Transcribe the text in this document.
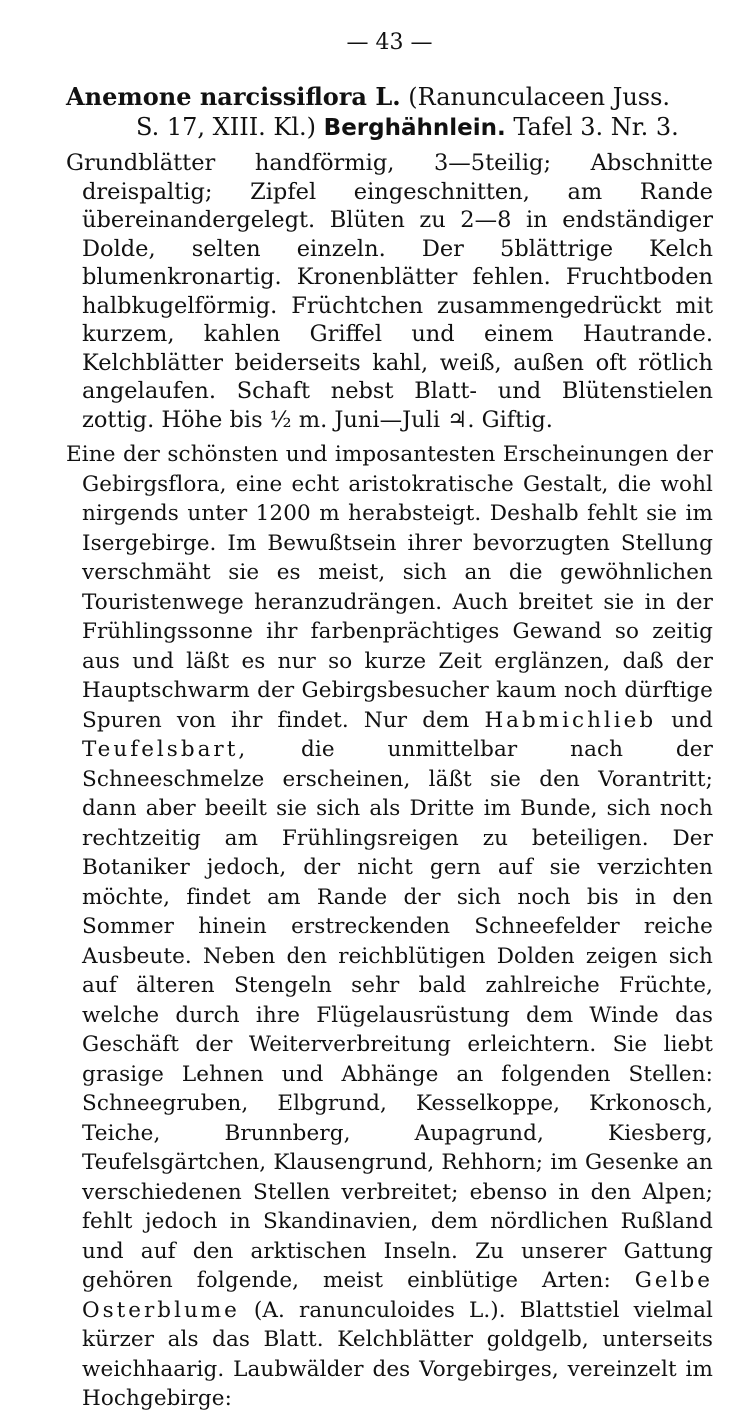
— 43 —
Anemone narcissiflora L. (Ranunculaceen Juss.
S. 17, XIII. Kl.) Berghähnlein. Tafel 3. Nr. 3.
Grundblätter handförmig, 3—5teilig; Abschnitte dreispaltig; Zipfel eingeschnitten, am Rande übereinandergelegt. Blüten zu 2—8 in endständiger Dolde, selten einzeln. Der 5blättrige Kelch blumenkronartig. Kronenblätter fehlen. Fruchtboden halbkugelförmig. Früchtchen zusammengedrückt mit kurzem, kahlen Griffel und einem Hautrande. Kelchblätter beiderseits kahl, weiß, außen oft rötlich angelaufen. Schaft nebst Blatt- und Blütenstielen zottig. Höhe bis ½ m. Juni—Juli ♃. Giftig.

Eine der schönsten und imposantesten Erscheinungen der Gebirgsflora, eine echt aristokratische Gestalt, die wohl nirgends unter 1200 m herabsteigt. Deshalb fehlt sie im Isergebirge. Im Bewußtsein ihrer bevorzugten Stellung verschmäht sie es meist, sich an die gewöhnlichen Touristenwege heranzudrängen. Auch breitet sie in der Frühlingssonne ihr farbenprächtiges Gewand so zeitig aus und läßt es nur so kurze Zeit erglänzen, daß der Hauptschwarm der Gebirgsbesucher kaum noch dürftige Spuren von ihr findet. Nur dem Habmichlieb und Teufelsbart, die unmittelbar nach der Schneeschmelze erscheinen, läßt sie den Vorantritt; dann aber beeilt sie sich als Dritte im Bunde, sich noch rechtzeitig am Frühlingsreigen zu beteiligen. Der Botaniker jedoch, der nicht gern auf sie verzichten möchte, findet am Rande der sich noch bis in den Sommer hinein erstreckenden Schneefelder reiche Ausbeute. Neben den reichblütigen Dolden zeigen sich auf älteren Stengeln sehr bald zahlreiche Früchte, welche durch ihre Flügelausrüstung dem Winde das Geschäft der Weiterverbreitung erleichtern. Sie liebt grasige Lehnen und Abhänge an folgenden Stellen: Schneegruben, Elbgrund, Kesselkoppe, Krkonosch, Teiche, Brunnberg, Aupagrund, Kiesberg, Teufelsgärtchen, Klausengrund, Rehhorn; im Gesenke an verschiedenen Stellen verbreitet; ebenso in den Alpen; fehlt jedoch in Skandinavien, dem nördlichen Rußland und auf den arktischen Inseln. Zu unserer Gattung gehören folgende, meist einblütige Arten: Gelbe Osterblume (A. ranunculoides L.). Blattstiel vielmal kürzer als das Blatt. Kelchblätter goldgelb, unterseits weichhaarig. Laubwälder des Vorgebirges, vereinzelt im Hochgebirge:
